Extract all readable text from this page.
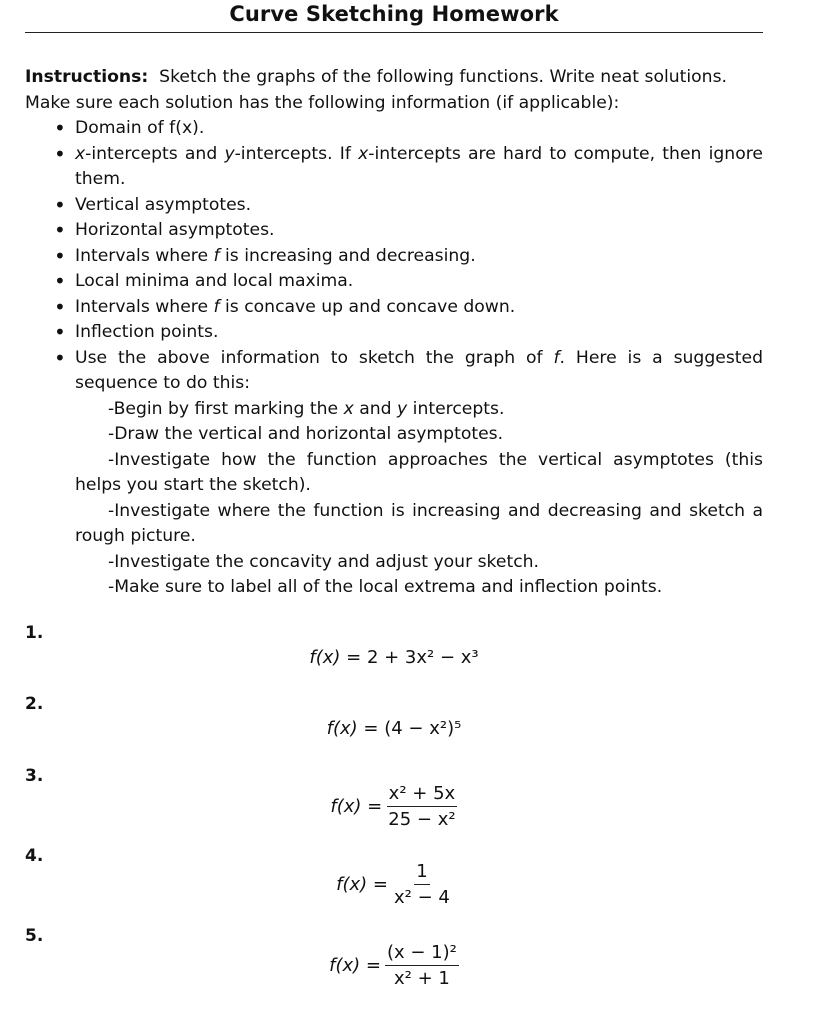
Curve Sketching Homework
Instructions: Sketch the graphs of the following functions. Write neat solutions.
Make sure each solution has the following information (if applicable):
• Domain of f(x).
• x-intercepts and y-intercepts. If x-intercepts are hard to compute, then ignore them.
• Vertical asymptotes.
• Horizontal asymptotes.
• Intervals where f is increasing and decreasing.
• Local minima and local maxima.
• Intervals where f is concave up and concave down.
• Inflection points.
• Use the above information to sketch the graph of f. Here is a suggested sequence to do this:

-Begin by first marking the x and y intercepts.

-Draw the vertical and horizontal asymptotes.

-Investigate how the function approaches the vertical asymptotes (this helps you start the sketch).

-Investigate where the function is increasing and decreasing and sketch a rough picture.

-Investigate the concavity and adjust your sketch.

-Make sure to label all of the local extrema and inflection points.

1.
f(x) = 2 + 3x² − x³
2.
f(x) = (4 − x²)⁵
3.
$f(x) = \frac{\text{x² + 5x}}{\text{25 − x²}}$
4.
$f(x) = \frac{1}{\text{x² − 4}}$
5.
$f(x) = \frac{\text{(x − 1)²}}{\text{x² + 1}}$
